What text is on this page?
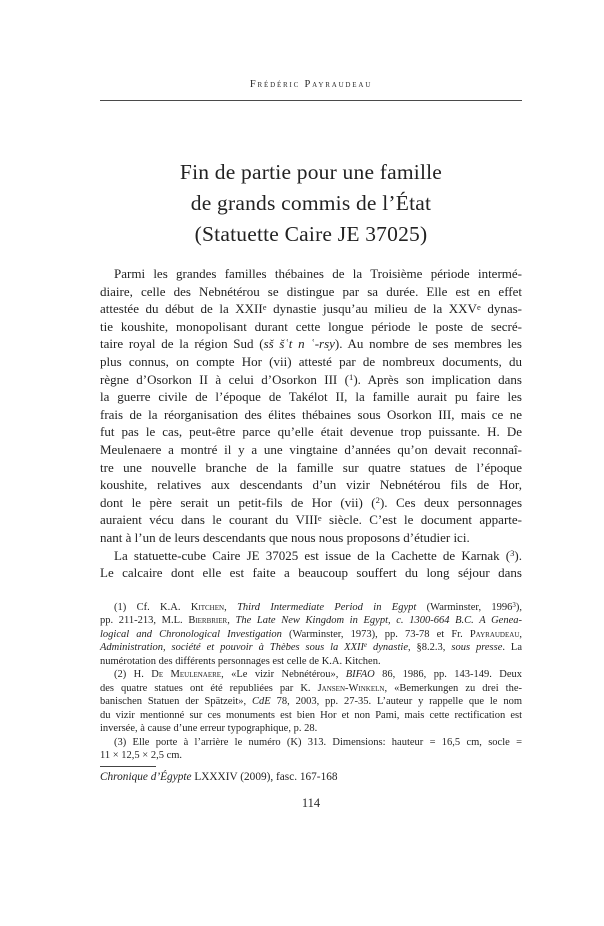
Frédéric Payraudeau
Fin de partie pour une famille
de grands commis de l’État
(Statuette Caire JE 37025)
Parmi les grandes familles thébaines de la Troisième période intermé-
diaire, celle des Nebnétérou se distingue par sa durée. Elle est en effet
attestée du début de la XXIIe dynastie jusqu’au milieu de la XXVe dynas-
tie koushite, monopolisant durant cette longue période le poste de secré-
taire royal de la région Sud (sš šʿt n ʿ-rsy). Au nombre de ses membres les
plus connus, on compte Hor (vii) attesté par de nombreux documents, du
règne d’Osorkon II à celui d’Osorkon III ($^1$). Après son implication dans
la guerre civile de l’époque de Takélot II, la famille aurait pu faire les
frais de la réorganisation des élites thébaines sous Osorkon III, mais ce ne
fut pas le cas, peut-être parce qu’elle était devenue trop puissante. H. De
Meulenaere a montré il y a une vingtaine d’années qu’on devait reconnaî-
tre une nouvelle branche de la famille sur quatre statues de l’époque
koushite, relatives aux descendants d’un vizir Nebnétérou fils de Hor,
dont le père serait un petit-fils de Hor (vii) ($^2$). Ces deux personnages
auraient vécu dans le courant du VIIIe siècle. C’est le document apparte-
nant à l’un de leurs descendants que nous nous proposons d’étudier ici.
La statuette-cube Caire JE 37025 est issue de la Cachette de Karnak ($^3$).
Le calcaire dont elle est faite a beaucoup souffert du long séjour dans
(1) Cf. K.A. Kitchen, Third Intermediate Period in Egypt (Warminster, 1996$^3$),
pp. 211-213, M.L. Bierbrier, The Late New Kingdom in Egypt, c. 1300-664 B.C. A Genea-
logical and Chronological Investigation (Warminster, 1973), pp. 73-78 et Fr. Payraudeau,
Administration, société et pouvoir à Thèbes sous la XXIIe dynastie, §8.2.3, sous presse. La
numérotation des différents personnages est celle de K.A. Kitchen.
(2) H. De Meulenaere, «Le vizir Nebnétérou», BIFAO 86, 1986, pp. 143-149. Deux
des quatre statues ont été republiées par K. Jansen-Winkeln, «Bemerkungen zu drei the-
banischen Statuen der Spätzeit», CdE 78, 2003, pp. 27-35. L’auteur y rappelle que le nom
du vizir mentionné sur ces monuments est bien Hor et non Pami, mais cette rectification est
inversée, à cause d’une erreur typographique, p. 28.
(3) Elle porte à l’arrière le numéro (K) 313. Dimensions: hauteur = 16,5 cm, socle =
11 × 12,5 × 2,5 cm.
Chronique d’Égypte LXXXIV (2009), fasc. 167-168
114
